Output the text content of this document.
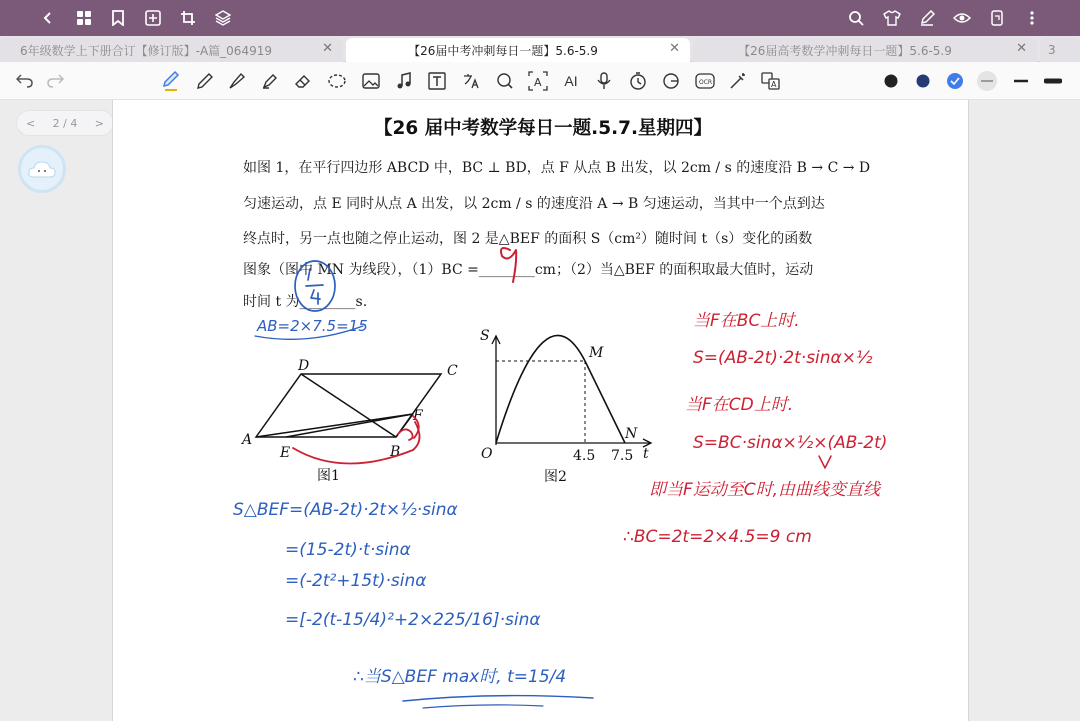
6年级数学上下册合订【修订版】-A篇_064919	✕	【26届中考冲刺每日一题】5.6-5.9	✕	【26届高考数学冲刺每日一题】5.6-5.9	✕ 3
A	AI	OCR	A
< 2 / 4 >	【26 届中考数学每日一题.5.7.星期四】
如图 1，在平行四边形 ABCD 中，BC ⊥ BD，点 F 从点 B 出发，以 2cm / s 的速度沿 B → C → D
匀速运动，点 E 同时从点 A 出发，以 2cm / s 的速度沿 A → B 匀速运动，当其中一个点到达
终点时，另一点也随之停止运动，图 2 是△BEF 的面积 S（cm²）随时间 t（s）变化的函数
图象（图中 MN 为线段），（1）BC =________cm；（2）当△BEF 的面积取最大值时，运动
时间 t 为________s.
D	C
A
E	B
F
图1
S
O
M
N
4.5 7.5 t
图2
AB=2×7.5=15	当F在BC上时.
S=(AB-2t)·2t·sinα×½
当F在CD上时.
S=BC·sinα×½×(AB-2t)
即当F运动至C时,由曲线变直线
∴BC=2t=2×4.5=9 cm
S△BEF=(AB-2t)·2t×½·sinα
=(15-2t)·t·sinα
=(-2t²+15t)·sinα
=[-2(t-15/4)²+2×225/16]·sinα
∴当S△BEF max时, t=15/4
